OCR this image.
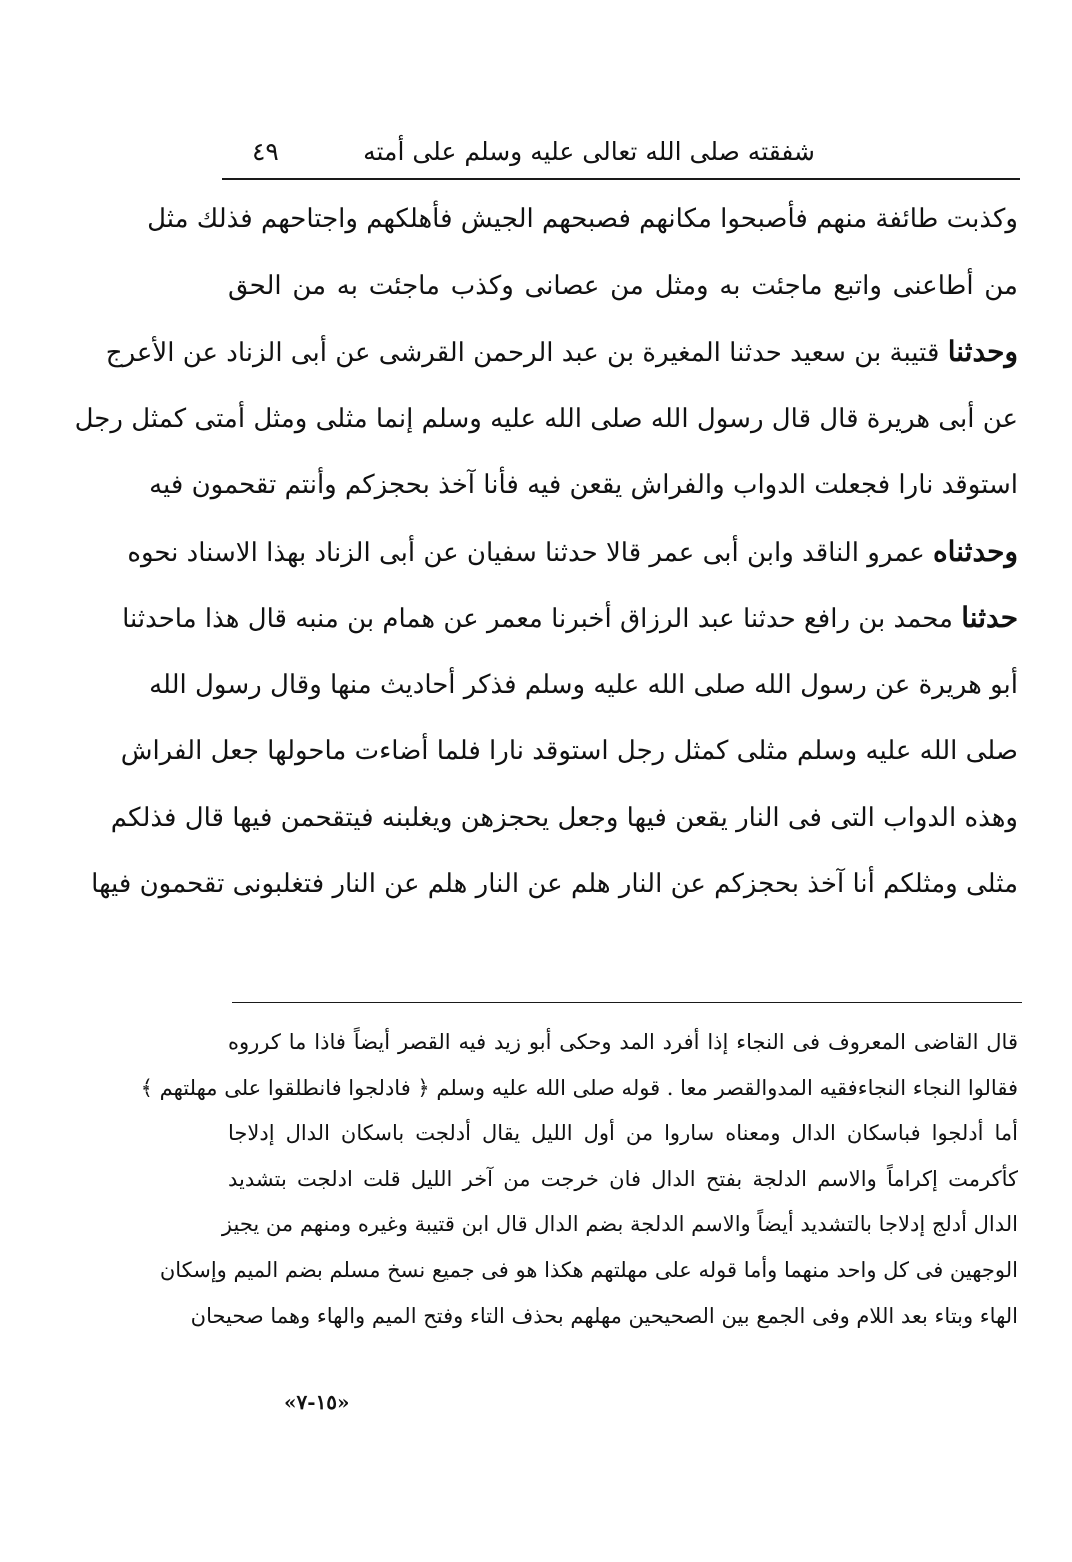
شفقته صلى الله تعالى عليه وسلم على أمته
٤٩
وكذبت طائفة منهم فأصبحوا مكانهم فصبحهم الجيش فأهلكهم واجتاحهم فذلك مثل
من أطاعنى واتبع ماجئت به ومثل من عصانى وكذب ماجئت به من الحق
وحدثنا قتيبة بن سعيد حدثنا المغيرة بن عبد الرحمن القرشى عن أبى الزناد عن الأعرج
عن أبى هريرة قال قال رسول الله صلى الله عليه وسلم إنما مثلى ومثل أمتى كمثل رجل
استوقد نارا فجعلت الدواب والفراش يقعن فيه فأنا آخذ بحجزكم وأنتم تقحمون فيه
وحدثناه عمرو الناقد وابن أبى عمر قالا حدثنا سفيان عن أبى الزناد بهذا الاسناد نحوه
حدثنا محمد بن رافع حدثنا عبد الرزاق أخبرنا معمر عن همام بن منبه قال هذا ماحدثنا
أبو هريرة عن رسول الله صلى الله عليه وسلم فذكر أحاديث منها وقال رسول الله
صلى الله عليه وسلم مثلى كمثل رجل استوقد نارا فلما أضاءت ماحولها جعل الفراش
وهذه الدواب التى فى النار يقعن فيها وجعل يحجزهن ويغلبنه فيتقحمن فيها قال فذلكم
مثلى ومثلكم أنا آخذ بحجزكم عن النار هلم عن النار هلم عن النار فتغلبونى تقحمون فيها
قال القاضى المعروف فى النجاء إذا أفرد المد وحكى أبو زيد فيه القصر أيضاً فاذا ما كرروه
فقالوا النجاء النجاءفقيه المدوالقصر معا . قوله صلى الله عليه وسلم ﴿ فادلجوا فانطلقوا على مهلتهم ﴾
أما أدلجوا فباسكان الدال ومعناه ساروا من أول الليل يقال أدلجت باسكان الدال إدلاجا
كأكرمت إكراماً والاسم الدلجة بفتح الدال فان خرجت من آخر الليل قلت ادلجت بتشديد
الدال أدلج إدلاجا بالتشديد أيضاً والاسم الدلجة بضم الدال قال ابن قتيبة وغيره ومنهم من يجيز
الوجهين فى كل واحد منهما وأما قوله على مهلتهم هكذا هو فى جميع نسخ مسلم بضم الميم وإسكان
الهاء وبتاء بعد اللام وفى الجمع بين الصحيحين مهلهم بحذف التاء وفتح الميم والهاء وهما صحيحان
«١٥-٧»
